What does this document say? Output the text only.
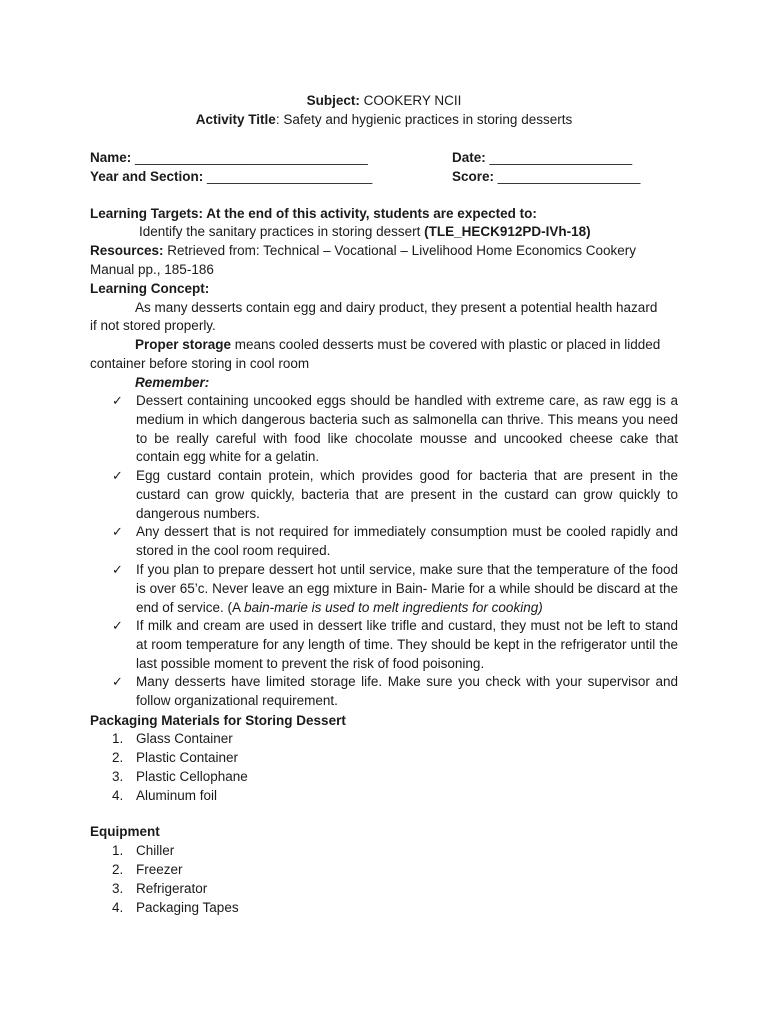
Subject: COOKERY NCII
Activity Title: Safety and hygienic practices in storing desserts
Name: _______________________________	Date: ___________________
Year and Section: ______________________	Score: ___________________
Learning Targets: At the end of this activity, students are expected to:
Identify the sanitary practices in storing dessert (TLE_HECK912PD-IVh-18)
Resources: Retrieved from: Technical – Vocational – Livelihood Home Economics Cookery
Manual pp., 185-186
Learning Concept:
As many desserts contain egg and dairy product, they present a potential health hazard
if not stored properly.
Proper storage means cooled desserts must be covered with plastic or placed in lidded
container before storing in cool room
Remember:
✓ Dessert containing uncooked eggs should be handled with extreme care, as raw egg is a medium in which dangerous bacteria such as salmonella can thrive. This means you need to be really careful with food like chocolate mousse and uncooked cheese cake that contain egg white for a gelatin.
✓ Egg custard contain protein, which provides good for bacteria that are present in the custard can grow quickly, bacteria that are present in the custard can grow quickly to dangerous numbers.
✓ Any dessert that is not required for immediately consumption must be cooled rapidly and stored in the cool room required.
✓ If you plan to prepare dessert hot until service, make sure that the temperature of the food is over 65’c. Never leave an egg mixture in Bain- Marie for a while should be discard at the end of service. (A bain-marie is used to melt ingredients for cooking)
✓ If milk and cream are used in dessert like trifle and custard, they must not be left to stand at room temperature for any length of time. They should be kept in the refrigerator until the last possible moment to prevent the risk of food poisoning.
✓ Many desserts have limited storage life. Make sure you check with your supervisor and follow organizational requirement.
Packaging Materials for Storing Dessert
1. Glass Container
2. Plastic Container
3. Plastic Cellophane
4. Aluminum foil
Equipment
1. Chiller
2. Freezer
3. Refrigerator
4. Packaging Tapes
